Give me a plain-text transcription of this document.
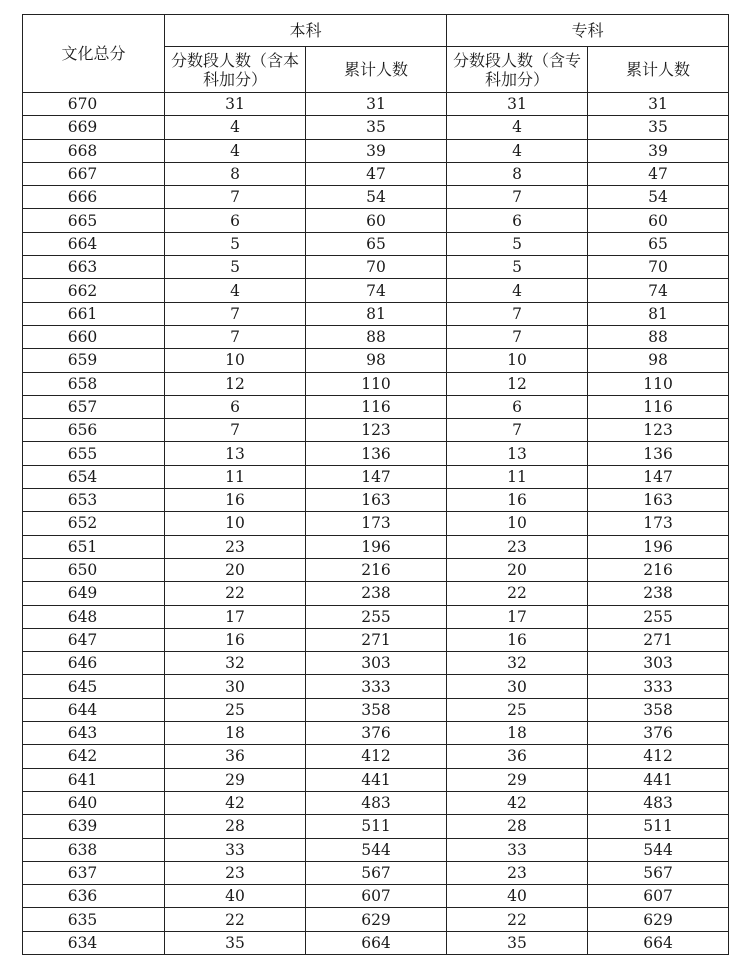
文化总分	本科		专科	
	分数段人数（含本科加分）	累计人数	分数段人数（含专科加分）	累计人数
670	31	31	31	31
669	4	35	4	35
668	4	39	4	39
667	8	47	8	47
666	7	54	7	54
665	6	60	6	60
664	5	65	5	65
663	5	70	5	70
662	4	74	4	74
661	7	81	7	81
660	7	88	7	88
659	10	98	10	98
658	12	110	12	110
657	6	116	6	116
656	7	123	7	123
655	13	136	13	136
654	11	147	11	147
653	16	163	16	163
652	10	173	10	173
651	23	196	23	196
650	20	216	20	216
649	22	238	22	238
648	17	255	17	255
647	16	271	16	271
646	32	303	32	303
645	30	333	30	333
644	25	358	25	358
643	18	376	18	376
642	36	412	36	412
641	29	441	29	441
640	42	483	42	483
639	28	511	28	511
638	33	544	33	544
637	23	567	23	567
636	40	607	40	607
635	22	629	22	629
634	35	664	35	664
